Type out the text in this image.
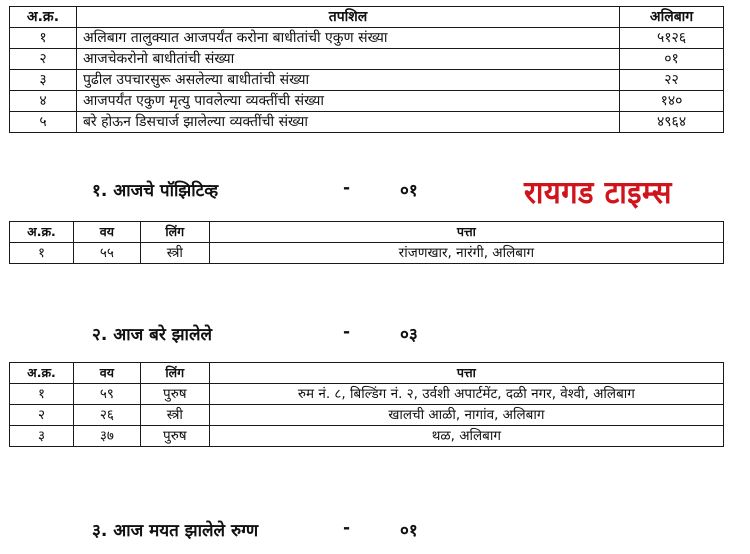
अ.क्र.	तपशिल	अलिबाग
१	अलिबाग तालुक्यात आजपर्यंत करोना बाधीतांची एकुण संख्या	५१२६
२	आजचेकरोनो बाधीतांची संख्या	०१
३	पुढील उपचारसुरू असलेल्या बाधीतांची संख्या	२२
४	आजपर्यंत एकुण मृत्यु पावलेल्या व्यक्तींची संख्या	१४०
५	बरे होऊन डिसचार्ज झालेल्या व्यक्तींची संख्या	४९६४
१. आजचे पॉझिटिव्ह	-	०१	रायगड टाइम्स
अ.क्र.	वय	लिंग	पत्ता
१	५५	स्त्री	रांजणखार, नारंगी, अलिबाग
२. आज बरे झालेले	-	०३
अ.क्र.	वय	लिंग	पत्ता
१	५९	पुरुष	रुम नं. ८, बिल्डिंग नं. २, उर्वशी अपार्टमेंट, दळी नगर, वेश्वी, अलिबाग
२	२६	स्त्री	खालची आळी, नागांव, अलिबाग
३	३७	पुरुष	थळ, अलिबाग
३. आज मयत झालेले रुग्ण	-	०१
